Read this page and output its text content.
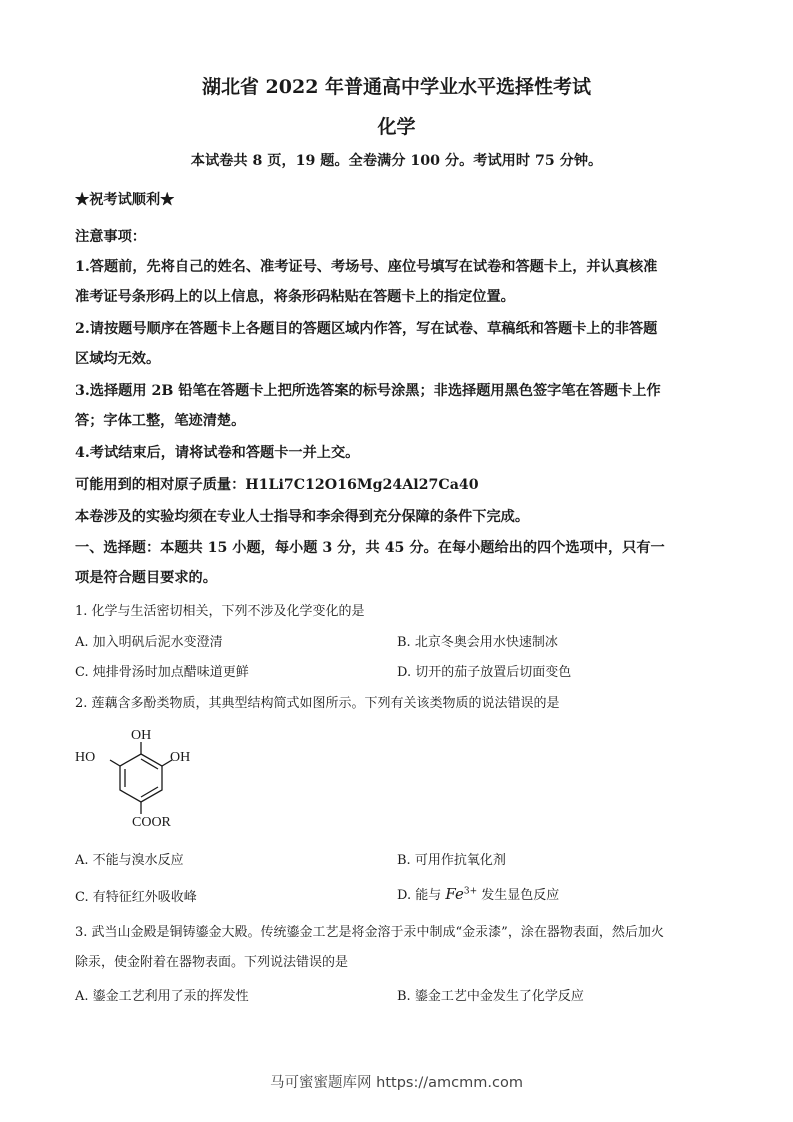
湖北省 2022 年普通高中学业水平选择性考试
化学
本试卷共 8 页，19 题。全卷满分 100 分。考试用时 75 分钟。
★祝考试顺利★
注意事项：
1.答题前，先将自己的姓名、准考证号、考场号、座位号填写在试卷和答题卡上，并认真核准
准考证号条形码上的以上信息，将条形码粘贴在答题卡上的指定位置。
2.请按题号顺序在答题卡上各题目的答题区域内作答，写在试卷、草稿纸和答题卡上的非答题
区域均无效。
3.选择题用 2B 铅笔在答题卡上把所选答案的标号涂黑；非选择题用黑色签字笔在答题卡上作
答；字体工整，笔迹清楚。
4.考试结束后，请将试卷和答题卡一并上交。
可能用到的相对原子质量：H1Li7C12O16Mg24Al27Ca40
本卷涉及的实验均须在专业人士指导和李余得到充分保障的条件下完成。
一、选择题：本题共 15 小题，每小题 3 分，共 45 分。在每小题给出的四个选项中，只有一
项是符合题目要求的。
1. 化学与生活密切相关，下列不涉及化学变化的是
A. 加入明矾后泥水变澄清	B. 北京冬奥会用水快速制冰
C. 炖排骨汤时加点醋味道更鲜	D. 切开的茄子放置后切面变色
2. 莲藕含多酚类物质，其典型结构简式如图所示。下列有关该类物质的说法错误的是
OH
HO	OH
COOR
A. 不能与溴水反应	B. 可用作抗氧化剂
C. 有特征红外吸收峰	D. 能与 $Fe^{3+}$ 发生显色反应
3. 武当山金殿是铜铸鎏金大殿。传统鎏金工艺是将金溶于汞中制成“金汞漆”，涂在器物表面，然后加火
除汞，使金附着在器物表面。下列说法错误的是
A. 鎏金工艺利用了汞的挥发性	B. 鎏金工艺中金发生了化学反应
马可蜜蜜题库网 https://amcmm.com
